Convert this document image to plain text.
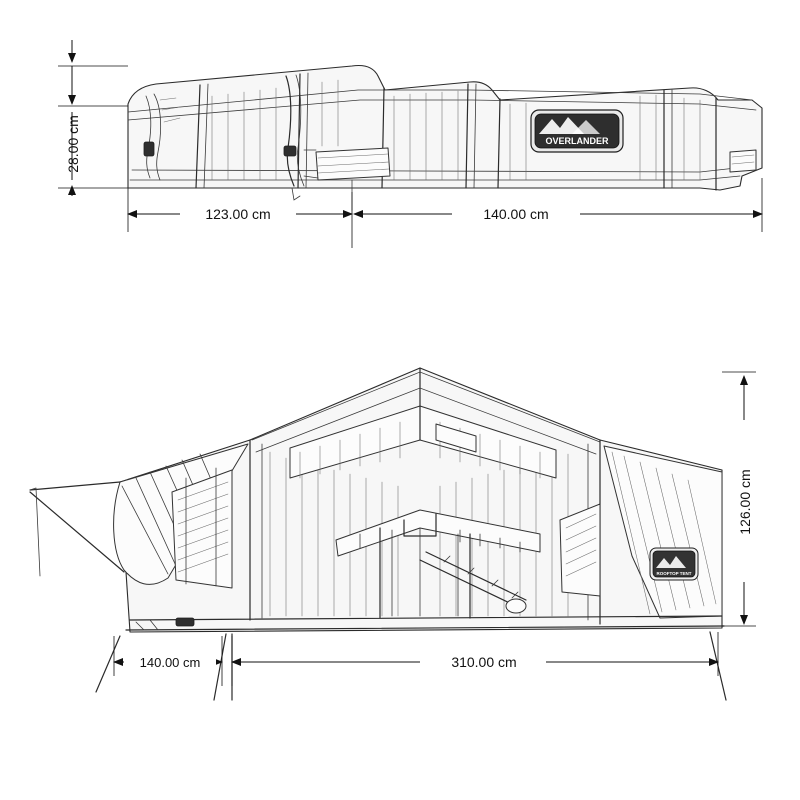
OVERLANDER
28.00 cm
123.00 cm	140.00 cm
126.00 cm
140.00 cm	310.00 cm
ROOFTOP TENT
